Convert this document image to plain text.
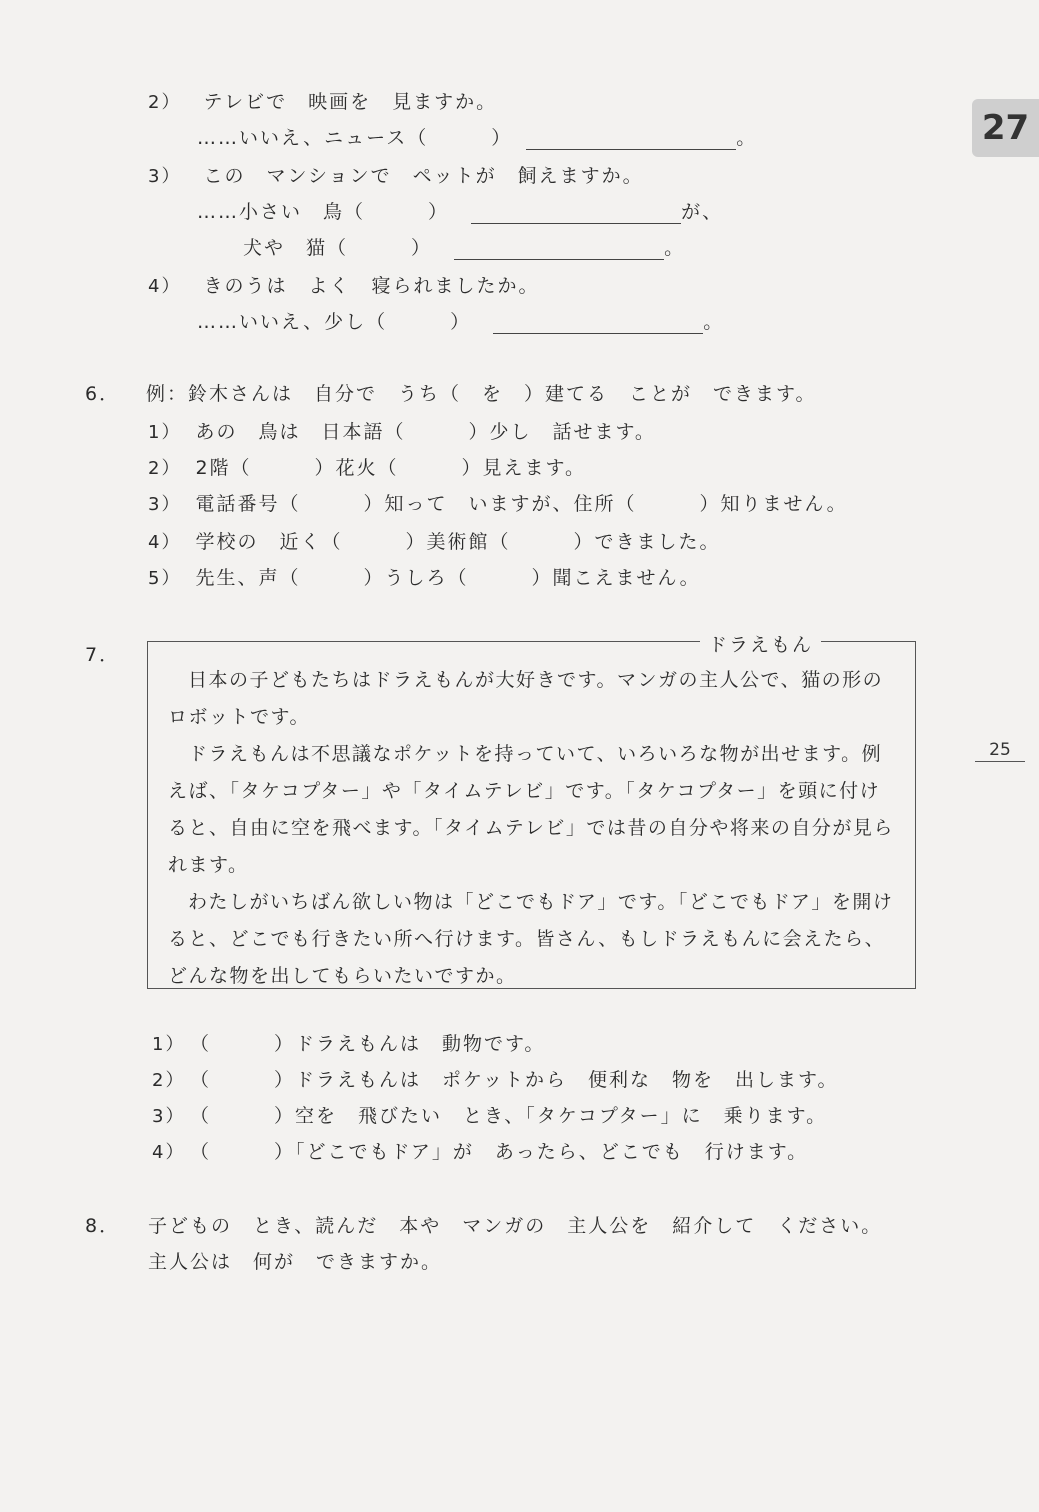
27
25
2） テレビで　映画を　見ますか。
……いいえ、ニュース（　　　）	。
3） この　マンションで　ペットが　飼えますか。
……小さい　鳥（　　　）	が、
犬や　猫（　　　）	。
4） きのうは　よく　寝られましたか。
……いいえ、少し（　　　）	。
6． 例：鈴木さんは　自分で　うち（　を　）建てる　ことが　できます。
1） あの　鳥は　日本語（　　　）少し　話せます。
2） 2階（　　　）花火（　　　）見えます。
3） 電話番号（　　　）知って　いますが、住所（　　　）知りません。
4） 学校の　近く（　　　）美術館（　　　）できました。
5） 先生、声（　　　）うしろ（　　　）聞こえません。
7．	ドラえもん
日本の子どもたちはドラえもんが大好きです。マンガの主人公で、猫の形のロボットです。
ドラえもんは不思議なポケットを持っていて、いろいろな物が出せます。例えば、「タケコプター」や「タイムテレビ」です。「タケコプター」を頭に付けると、自由に空を飛べます。「タイムテレビ」では昔の自分や将来の自分が見られます。
わたしがいちばん欲しい物は「どこでもドア」です。「どこでもドア」を開けると、どこでも行きたい所へ行けます。皆さん、もしドラえもんに会えたら、どんな物を出してもらいたいですか。
1） （　　　）ドラえもんは　動物です。
2） （　　　）ドラえもんは　ポケットから　便利な　物を　出します。
3） （　　　）空を　飛びたい　とき、「タケコプター」に　乗ります。
4） （　　　）「どこでもドア」が　あったら、どこでも　行けます。
8． 子どもの　とき、読んだ　本や　マンガの　主人公を　紹介して　ください。
主人公は　何が　できますか。
